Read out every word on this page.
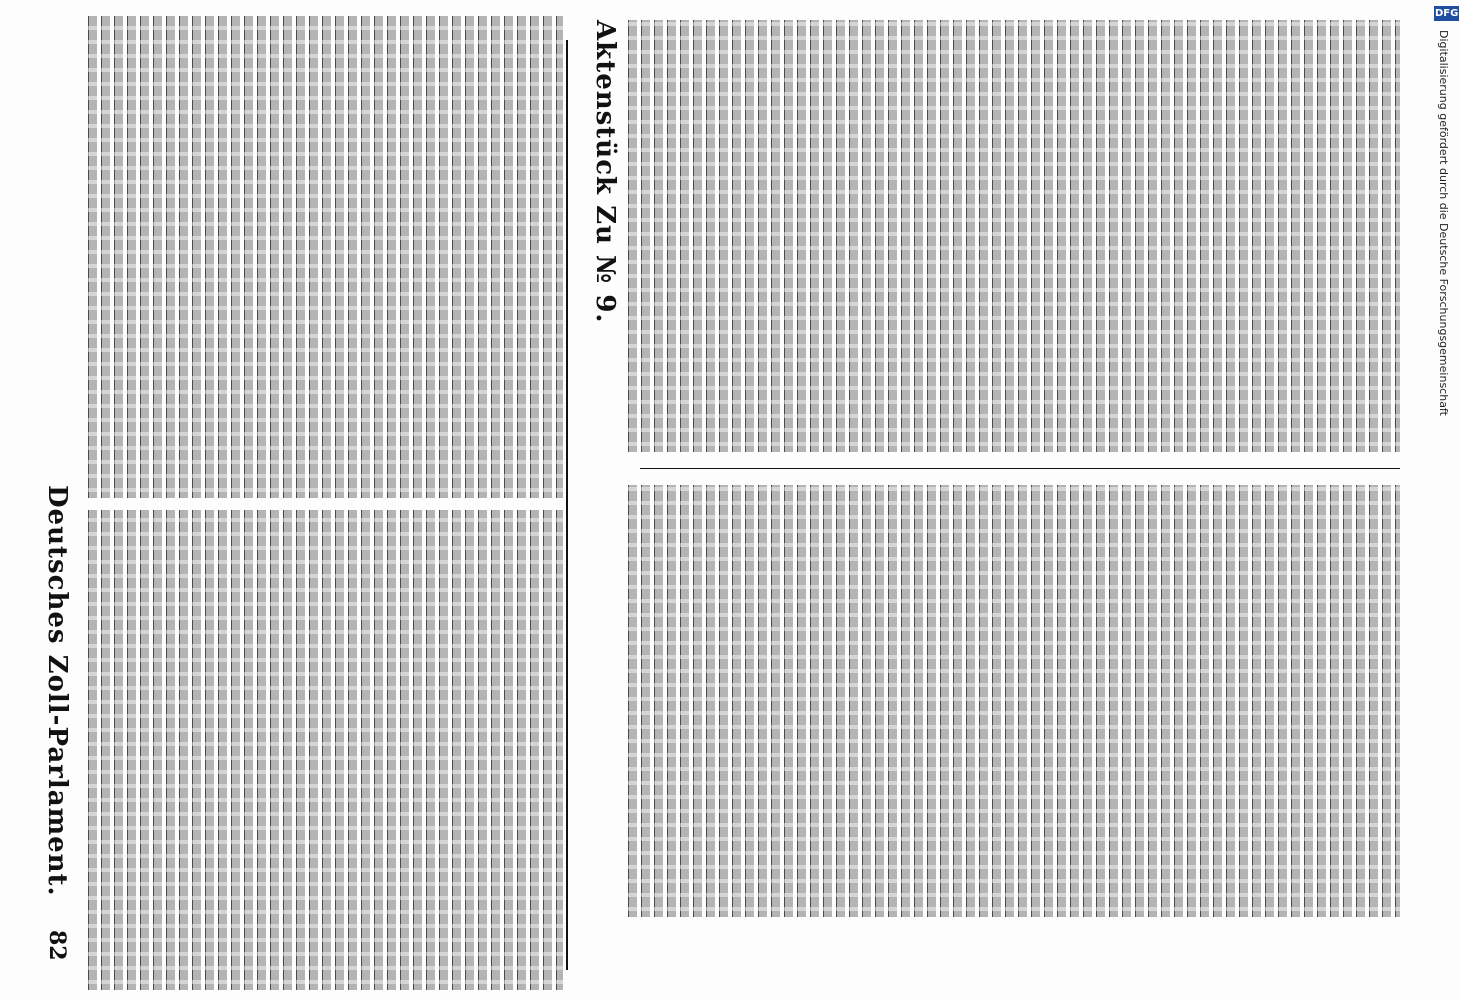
82
Deutsches Zoll-Parlament.
Aktenstück Zu № 9.	Digitalisierung gefördert durch die Deutsche Forschungsgemeinschaft
DFG
